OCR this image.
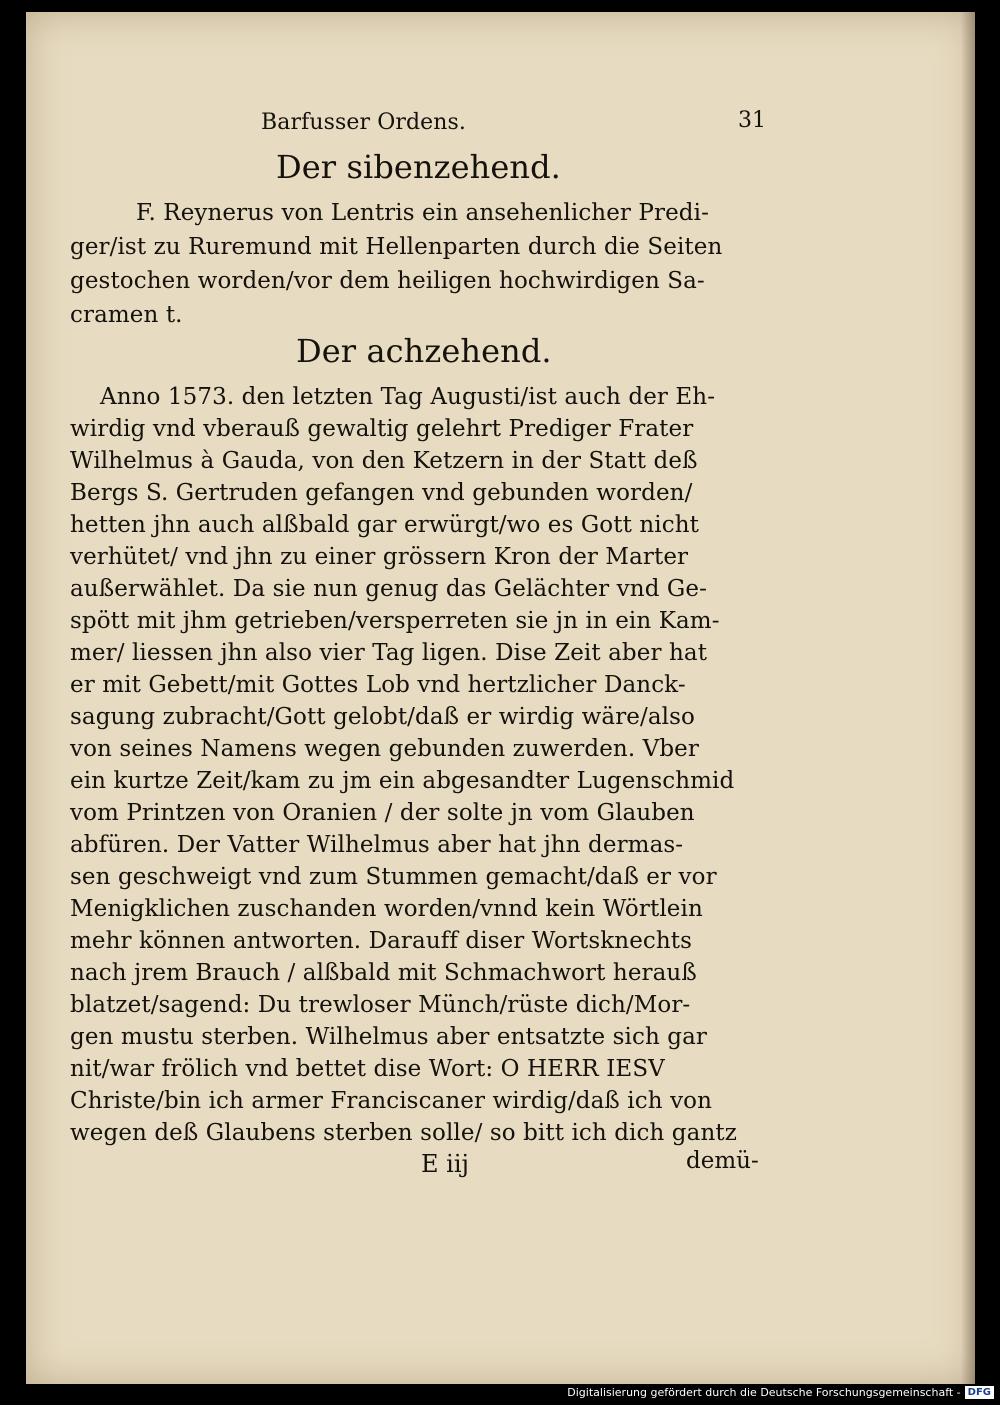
Barfusser Ordens.	31
Der sibenzehend.
F. Reynerus von Lentris ein ansehenlicher Predi-
ger/ist zu Ruremund mit Hellenparten durch die Seiten
gestochen worden/vor dem heiligen hochwirdigen Sa-
cramen t.
Der achzehend.
Anno 1573. den letzten Tag Augusti/ist auch der Eh-
wirdig vnd vberauß gewaltig gelehrt Prediger Frater
Wilhelmus à Gauda, von den Ketzern in der Statt deß
Bergs S. Gertruden gefangen vnd gebunden worden/
hetten jhn auch alßbald gar erwürgt/wo es Gott nicht
verhütet/ vnd jhn zu einer grössern Kron der Marter
außerwählet. Da sie nun genug das Gelächter vnd Ge-
spött mit jhm getrieben/versperreten sie jn in ein Kam-
mer/ liessen jhn also vier Tag ligen. Dise Zeit aber hat
er mit Gebett/mit Gottes Lob vnd hertzlicher Danck-
sagung zubracht/Gott gelobt/daß er wirdig wäre/also
von seines Namens wegen gebunden zuwerden. Vber
ein kurtze Zeit/kam zu jm ein abgesandter Lugenschmid
vom Printzen von Oranien / der solte jn vom Glauben
abfüren. Der Vatter Wilhelmus aber hat jhn dermas-
sen geschweigt vnd zum Stummen gemacht/daß er vor
Menigklichen zuschanden worden/vnnd kein Wörtlein
mehr können antworten. Darauff diser Wortsknechts
nach jrem Brauch / alßbald mit Schmachwort herauß
blatzet/sagend: Du trewloser Münch/rüste dich/Mor-
gen mustu sterben. Wilhelmus aber entsatzte sich gar
nit/war frölich vnd bettet dise Wort: O HERR IESV
Christe/bin ich armer Franciscaner wirdig/daß ich von
wegen deß Glaubens sterben solle/ so bitt ich dich gantz
E iij	demü-
Digitalisierung gefördert durch die Deutsche Forschungsgemeinschaft - DFG
